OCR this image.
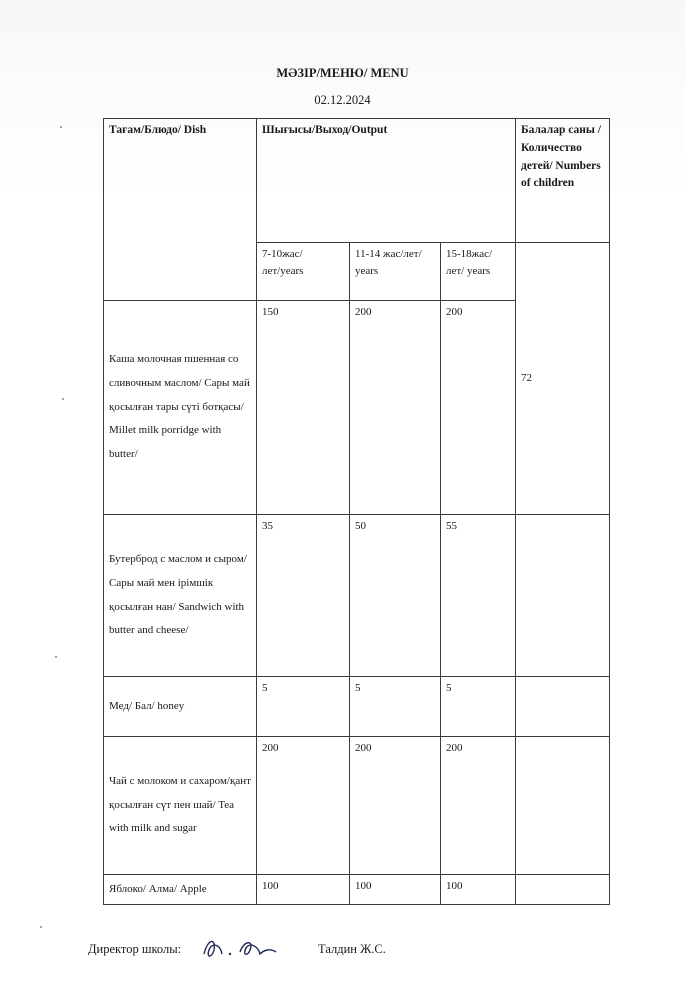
МӘЗІР/МЕНЮ/ MENU
02.12.2024
Тағам/Блюдо/ Dish	Шығысы/Выход/Output			Балалар саны /Количество детей/ Numbers of children
	7-10жас/лет/years	11-14 жас/лет/ years	15-18жас/лет/ years	72
Каша молочная пшенная со сливочным маслом/ Сары май қосылған тары сүті ботқасы/ Millet milk porridge with butter/	150	200	200	
Бутерброд с маслом и сыром/ Сары май мен ірімшік қосылған нан/ Sandwich with butter and cheese/	35	50	55	
Мед/ Бал/ honey	5	5	5	
Чай с молоком и сахаром/қант қосылған сүт пен шай/ Tea with milk and sugar	200	200	200	
Яблоко/ Алма/ Apple	100	100	100	
Директор школы:	Талдин Ж.С.
